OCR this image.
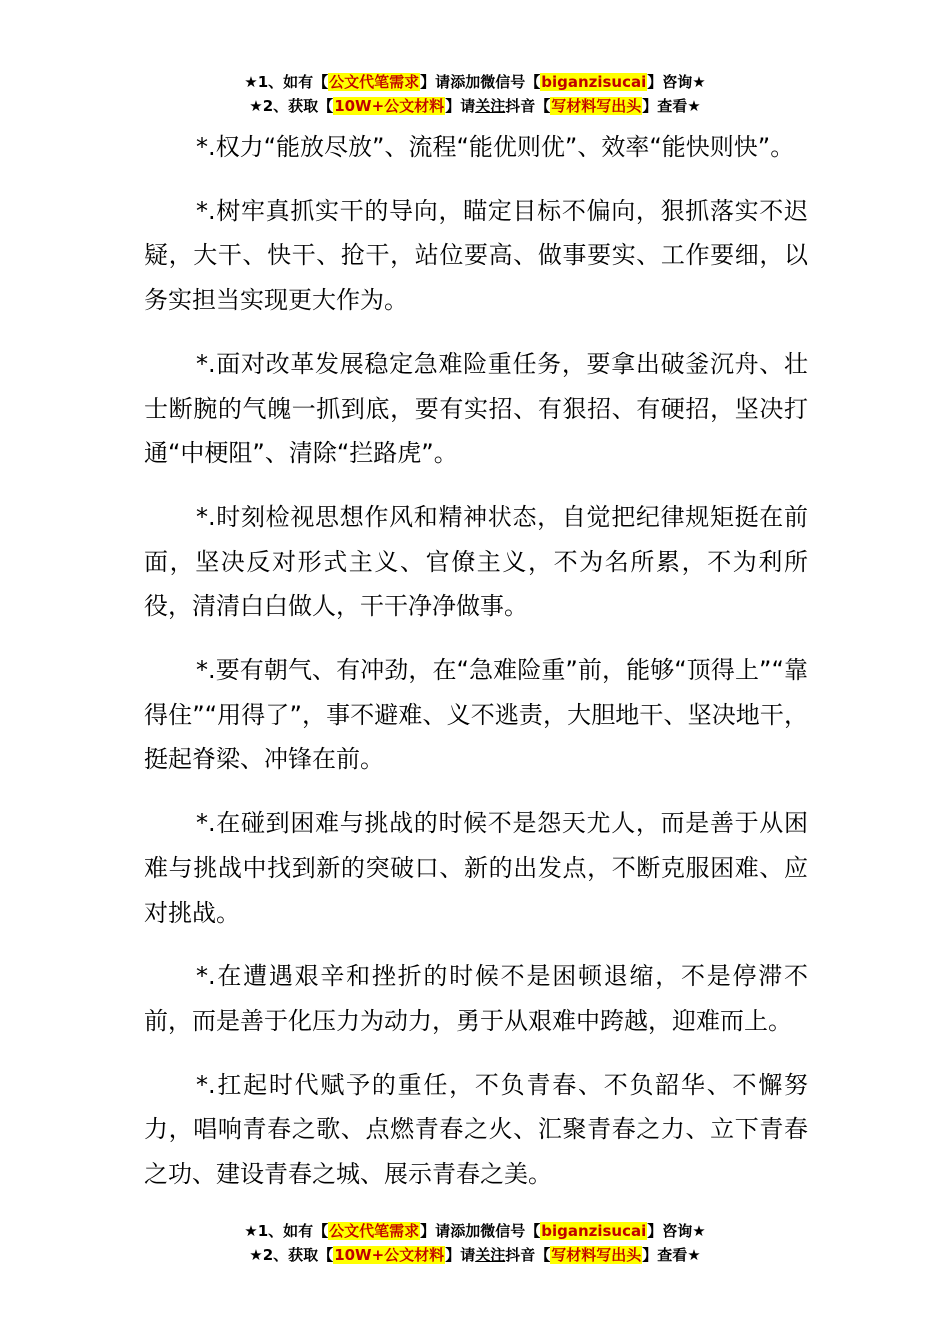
★1、如有【公文代笔需求】请添加微信号【biganzisucai】咨询★
★2、获取【10W+公文材料】请关注抖音【写材料写出头】查看★

*.权力“能放尽放”、流程“能优则优”、效率“能快则快”。

*.树牢真抓实干的导向，瞄定目标不偏向，狠抓落实不迟疑，大干、快干、抢干，站位要高、做事要实、工作要细，以务实担当实现更大作为。

*.面对改革发展稳定急难险重任务，要拿出破釜沉舟、壮士断腕的气魄一抓到底，要有实招、有狠招、有硬招，坚决打通“中梗阻”、清除“拦路虎”。

*.时刻检视思想作风和精神状态，自觉把纪律规矩挺在前面，坚决反对形式主义、官僚主义，不为名所累，不为利所役，清清白白做人，干干净净做事。

*.要有朝气、有冲劲，在“急难险重”前，能够“顶得上”“靠得住”“用得了”，事不避难、义不逃责，大胆地干、坚决地干，挺起脊梁、冲锋在前。

*.在碰到困难与挑战的时候不是怨天尤人，而是善于从困难与挑战中找到新的突破口、新的出发点，不断克服困难、应对挑战。

*.在遭遇艰辛和挫折的时候不是困顿退缩，不是停滞不前，而是善于化压力为动力，勇于从艰难中跨越，迎难而上。

*.扛起时代赋予的重任，不负青春、不负韶华、不懈努力，唱响青春之歌、点燃青春之火、汇聚青春之力、立下青春之功、建设青春之城、展示青春之美。

★1、如有【公文代笔需求】请添加微信号【biganzisucai】咨询★
★2、获取【10W+公文材料】请关注抖音【写材料写出头】查看★
